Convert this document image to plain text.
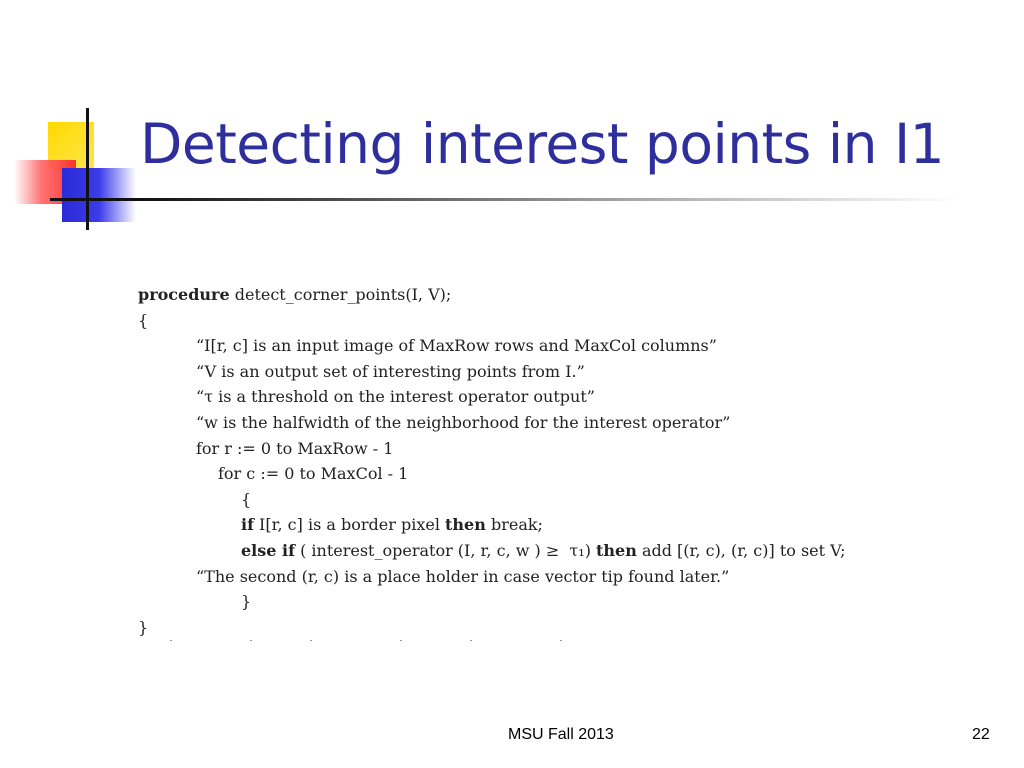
Detecting interest points in I1
procedure detect_corner_points(I, V);
{
“I[r, c] is an input image of MaxRow rows and MaxCol columns”
“V is an output set of interesting points from I.”
“τ is a threshold on the interest operator output”
“w is the halfwidth of the neighborhood for the interest operator”
for r := 0 to MaxRow - 1
for c := 0 to MaxCol - 1
{
if I[r, c] is a border pixel then break;
else if ( interest_operator (I, r, c, w ) ≥  τ₁) then add [(r, c), (r, c)] to set V;
“The second (r, c) is a place holder in case vector tip found later.”
}
}
MSU Fall 2013	22
